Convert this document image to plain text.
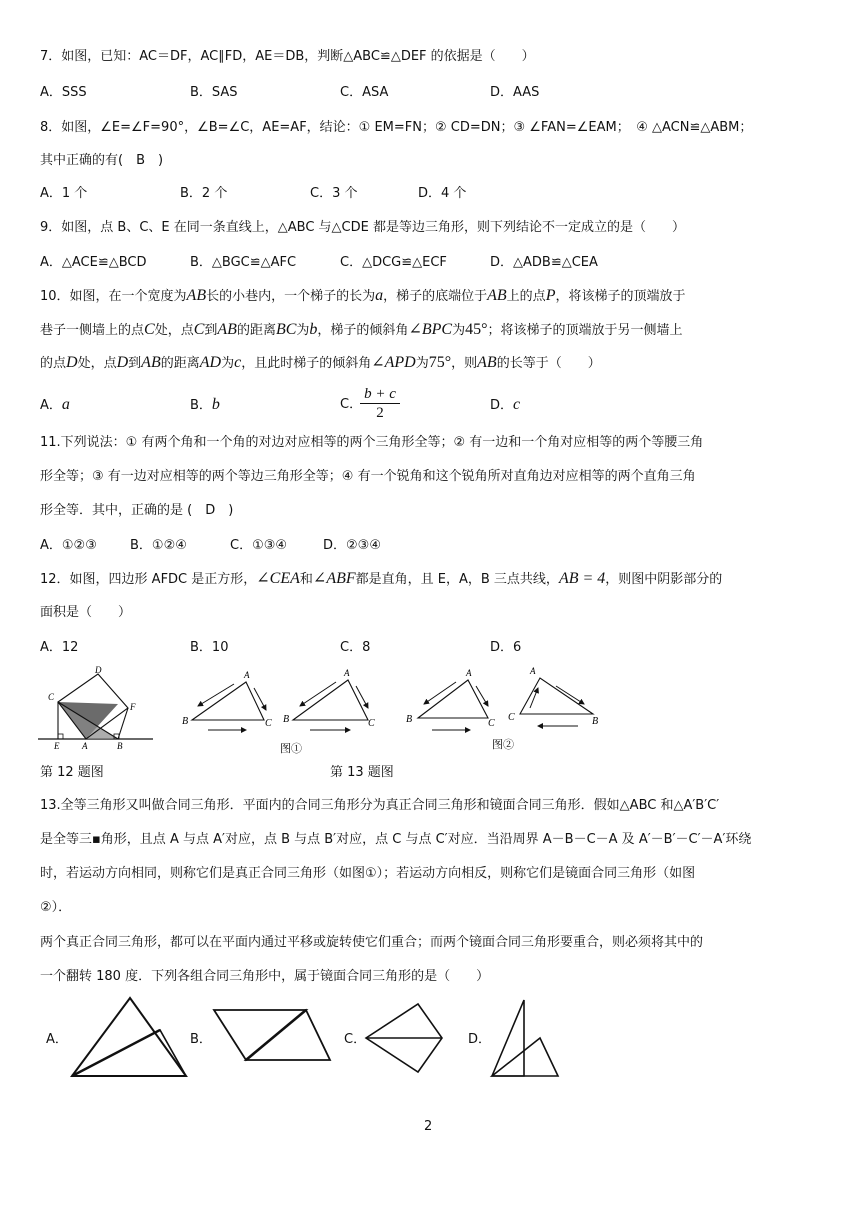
7．如图，已知：AC＝DF，AC∥FD，AE＝DB，判断△ABC≌△DEF 的依据是（　　）
A．SSS	B．SAS	C．ASA	D．AAS
8．如图，∠E=∠F=90°，∠B=∠C，AE=AF，结论：① EM=FN；② CD=DN；③ ∠FAN=∠EAM；　④ △ACN≌△ABM；
其中正确的有(　B　)
A．1 个	B．2 个	C．3 个	D．4 个
9．如图，点 B、C、E 在同一条直线上，△ABC 与△CDE 都是等边三角形，则下列结论不一定成立的是（　　）
A．△ACE≌△BCD	B．△BGC≌△AFC	C．△DCG≌△ECF	D．△ADB≌△CEA
10．如图，在一个宽度为AB长的小巷内，一个梯子的长为a，梯子的底端位于AB上的点P，将该梯子的顶端放于
巷子一侧墙上的点C处，点C到AB的距离BC为b，梯子的倾斜角∠BPC为45°；将该梯子的顶端放于另一侧墙上
的点D处，点D到AB的距离AD为c，且此时梯子的倾斜角∠APD为75°，则AB的长等于（　　）
A．a	B．b	C．
$\frac{b + c}{2}$	D．c
11.下列说法：① 有两个角和一个角的对边对应相等的两个三角形全等；② 有一边和一个角对应相等的两个等腰三角
形全等；③ 有一边对应相等的两个等边三角形全等；④ 有一个锐角和这个锐角所对直角边对应相等的两个直角三角
形全等．其中，正确的是 (　D　)
A．①②③	B．①②④	C．①③④	D．②③④
12．如图，四边形 AFDC 是正方形，∠CEA和∠ABF都是直角，且 E，A，B 三点共线，AB = 4，则图中阴影部分的
面积是（　　）
A．12	B．10	C．8	D．6
D
C
F
E	A	B
A
B	C
A
B	C
图①
A
B	C
A
C	B
图②
第 12 题图	第 13 题图
13.全等三角形又叫做合同三角形．平面内的合同三角形分为真正合同三角形和镜面合同三角形．假如△ABC 和△A′B′C′
是全等三▪角形，且点 A 与点 A′对应，点 B 与点 B′对应，点 C 与点 C′对应．当沿周界 A－B－C－A 及 A′－B′－C′－A′环绕
时，若运动方向相同，则称它们是真正合同三角形（如图①）；若运动方向相反，则称它们是镜面合同三角形（如图
②）．
两个真正合同三角形，都可以在平面内通过平移或旋转使它们重合；而两个镜面合同三角形要重合，则必须将其中的
一个翻转 180 度．下列各组合同三角形中，属于镜面合同三角形的是（　　）
A．	B．	C．	D．
2
